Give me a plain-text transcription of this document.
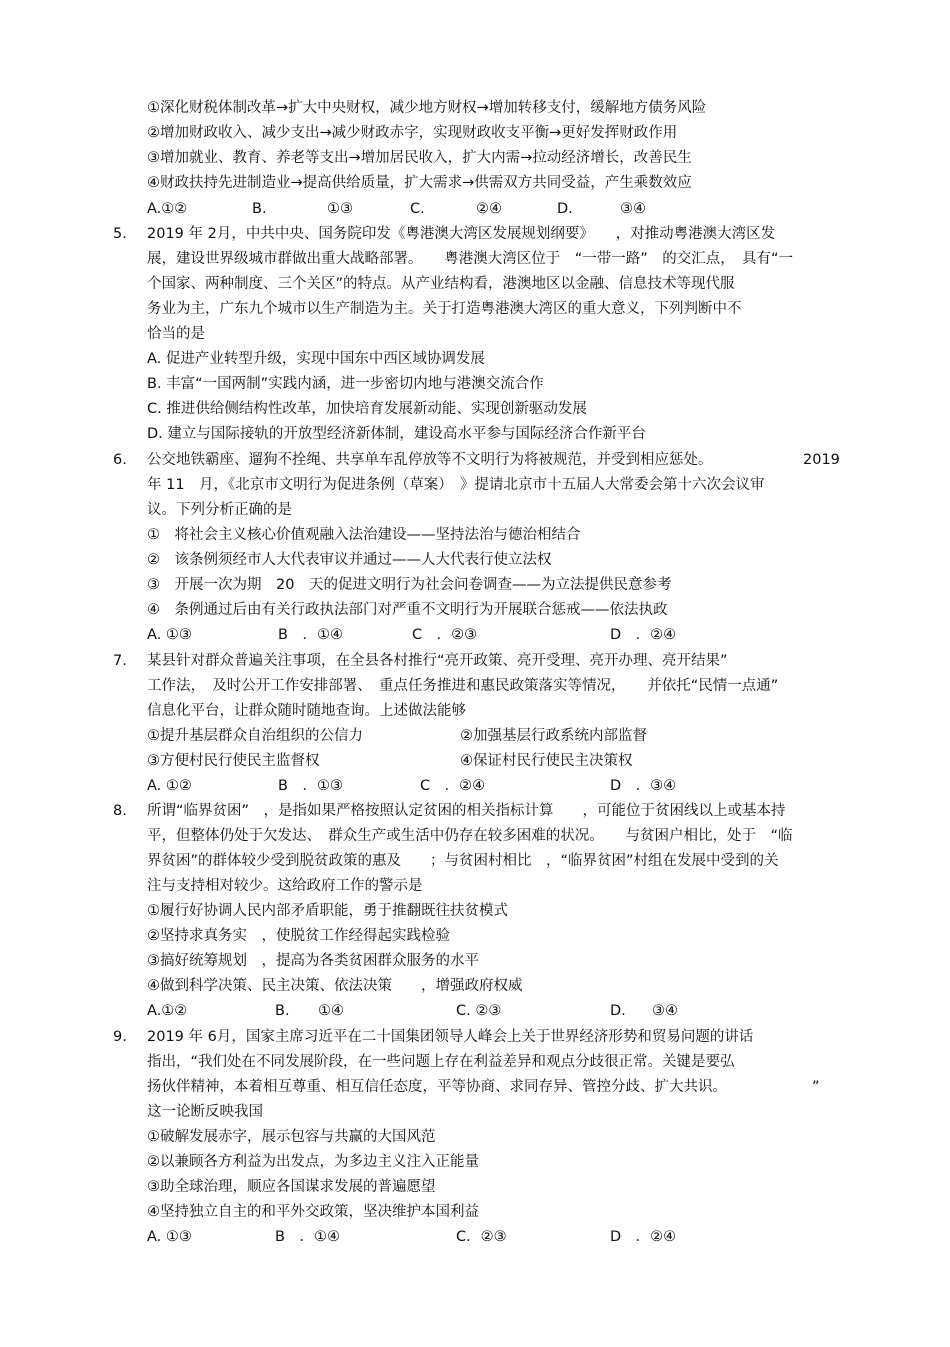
①深化财税体制改革→扩大中央财权，减少地方财权→增加转移支付，缓解地方债务风险
②增加财政收入、减少支出→减少财政赤字，实现财政收支平衡→更好发挥财政作用
③增加就业、教育、养老等支出→增加居民收入，扩大内需→拉动经济增长，改善民生
④财政扶持先进制造业→提高供给质量，扩大需求→供需双方共同受益，产生乘数效应
A.①②	B.	①③	C.	②④	D.	③④
5. 2019 年 2月，中共中央、国务院印发《粤港澳大湾区发展规划纲要》　　，对推动粤港澳大湾区发
展，建设世界级城市群做出重大战略部署。　　粤港澳大湾区位于　“一带一路”　的交汇点，　具有“一
个国家、两种制度、三个关区”的特点。从产业结构看，港澳地区以金融、信息技术等现代服
务业为主，广东九个城市以生产制造为主。关于打造粤港澳大湾区的重大意义，下列判断中不
恰当的是
A. 促进产业转型升级，实现中国东中西区域协调发展
B. 丰富“一国两制”实践内涵，进一步密切内地与港澳交流合作
C. 推进供给侧结构性改革，加快培育发展新动能、实现创新驱动发展
D. 建立与国际接轨的开放型经济新体制，建设高水平参与国际经济合作新平台
6. 公交地铁霸座、遛狗不拴绳、共享单车乱停放等不文明行为将被规范，并受到相应惩处。	2019
年 11　月，《北京市文明行为促进条例（草案）　》提请北京市十五届人大常委会第十六次会议审
议。下列分析正确的是
①　将社会主义核心价值观融入法治建设——坚持法治与德治相结合
②　该条例须经市人大代表审议并通过——人大代表行使立法权
③　开展一次为期　20　天的促进文明行为社会问卷调查——为立法提供民意参考
④　条例通过后由有关行政执法部门对严重不文明行为开展联合惩戒——依法执政
A. ①③	B　．①④	C　．②③	D　．②④
7. 某县针对群众普遍关注事项，在全县各村推行“亮开政策、亮开受理、亮开办理、亮开结果”
工作法，　及时公开工作安排部署、　重点任务推进和惠民政策落实等情况，　　并依托“民情一点通”
信息化平台，让群众随时随地查询。上述做法能够
①提升基层群众自治组织的公信力	②加强基层行政系统内部监督
③方便村民行使民主监督权	④保证村民行使民主决策权
A. ①②	B　．①③	C　．②④	D　．③④
8. 所谓“临界贫困”　，是指如果严格按照认定贫困的相关指标计算　　，可能位于贫困线以上或基本持
平，但整体仍处于欠发达、　群众生产或生活中仍存在较多困难的状况。　　与贫困户相比，处于　“临
界贫困”的群体较少受到脱贫政策的惠及　　；与贫困村相比　，“临界贫困”村组在发展中受到的关
注与支持相对较少。这给政府工作的警示是
①履行好协调人民内部矛盾职能，勇于推翻既往扶贫模式
②坚持求真务实　，使脱贫工作经得起实践检验
③搞好统筹规划　，提高为各类贫困群众服务的水平
④做到科学决策、民主决策、依法决策　　，增强政府权威
A.①②	B. ①④	C. ②③	D. ③④
9. 2019 年 6月，国家主席习近平在二十国集团领导人峰会上关于世界经济形势和贸易问题的讲话
指出，“我们处在不同发展阶段，在一些问题上存在利益差异和观点分歧很正常。关键是要弘
扬伙伴精神，本着相互尊重、相互信任态度，平等协商、求同存异、管控分歧、扩大共识。	”
这一论断反映我国
①破解发展赤字，展示包容与共赢的大国风范
②以兼顾各方利益为出发点，为多边主义注入正能量
③助全球治理，顺应各国谋求发展的普遍愿望
④坚持独立自主的和平外交政策，坚决维护本国利益
A. ①③	B　．①④	C．②③	D　．②④
